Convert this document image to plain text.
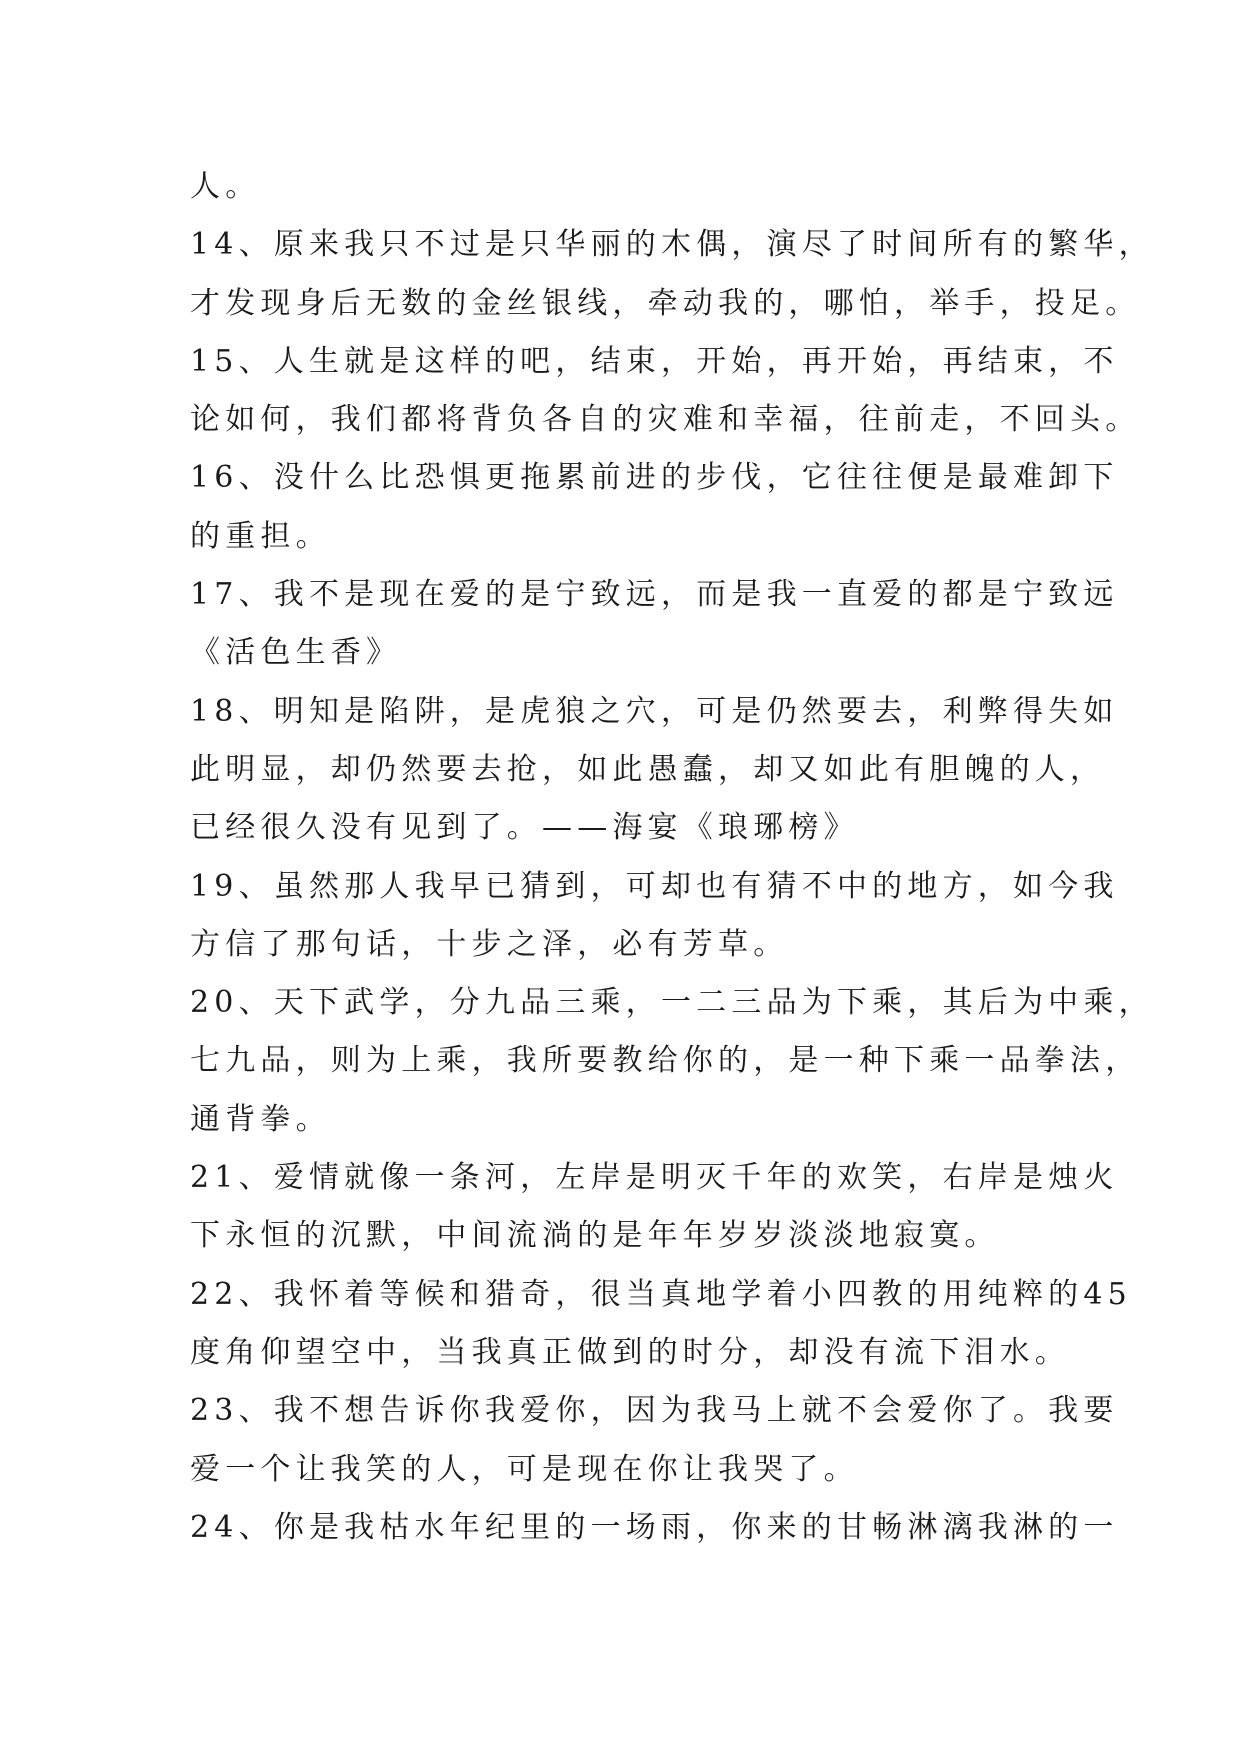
人。
14、原来我只不过是只华丽的木偶，演尽了时间所有的繁华，
才发现身后无数的金丝银线，牵动我的，哪怕，举手，投足。
15、人生就是这样的吧，结束，开始，再开始，再结束，不
论如何，我们都将背负各自的灾难和幸福，往前走，不回头。
16、没什么比恐惧更拖累前进的步伐，它往往便是最难卸下
的重担。
17、我不是现在爱的是宁致远，而是我一直爱的都是宁致远
《活色生香》
18、明知是陷阱，是虎狼之穴，可是仍然要去，利弊得失如
此明显，却仍然要去抢，如此愚蠢，却又如此有胆魄的人，
已经很久没有见到了。——海宴《琅琊榜》
19、虽然那人我早已猜到，可却也有猜不中的地方，如今我
方信了那句话，十步之泽，必有芳草。
20、天下武学，分九品三乘，一二三品为下乘，其后为中乘，
七九品，则为上乘，我所要教给你的，是一种下乘一品拳法，
通背拳。
21、爱情就像一条河，左岸是明灭千年的欢笑，右岸是烛火
下永恒的沉默，中间流淌的是年年岁岁淡淡地寂寞。
22、我怀着等候和猎奇，很当真地学着小四教的用纯粹的45
度角仰望空中，当我真正做到的时分，却没有流下泪水。
23、我不想告诉你我爱你，因为我马上就不会爱你了。我要
爱一个让我笑的人，可是现在你让我哭了。
24、你是我枯水年纪里的一场雨，你来的甘畅淋漓我淋的一
